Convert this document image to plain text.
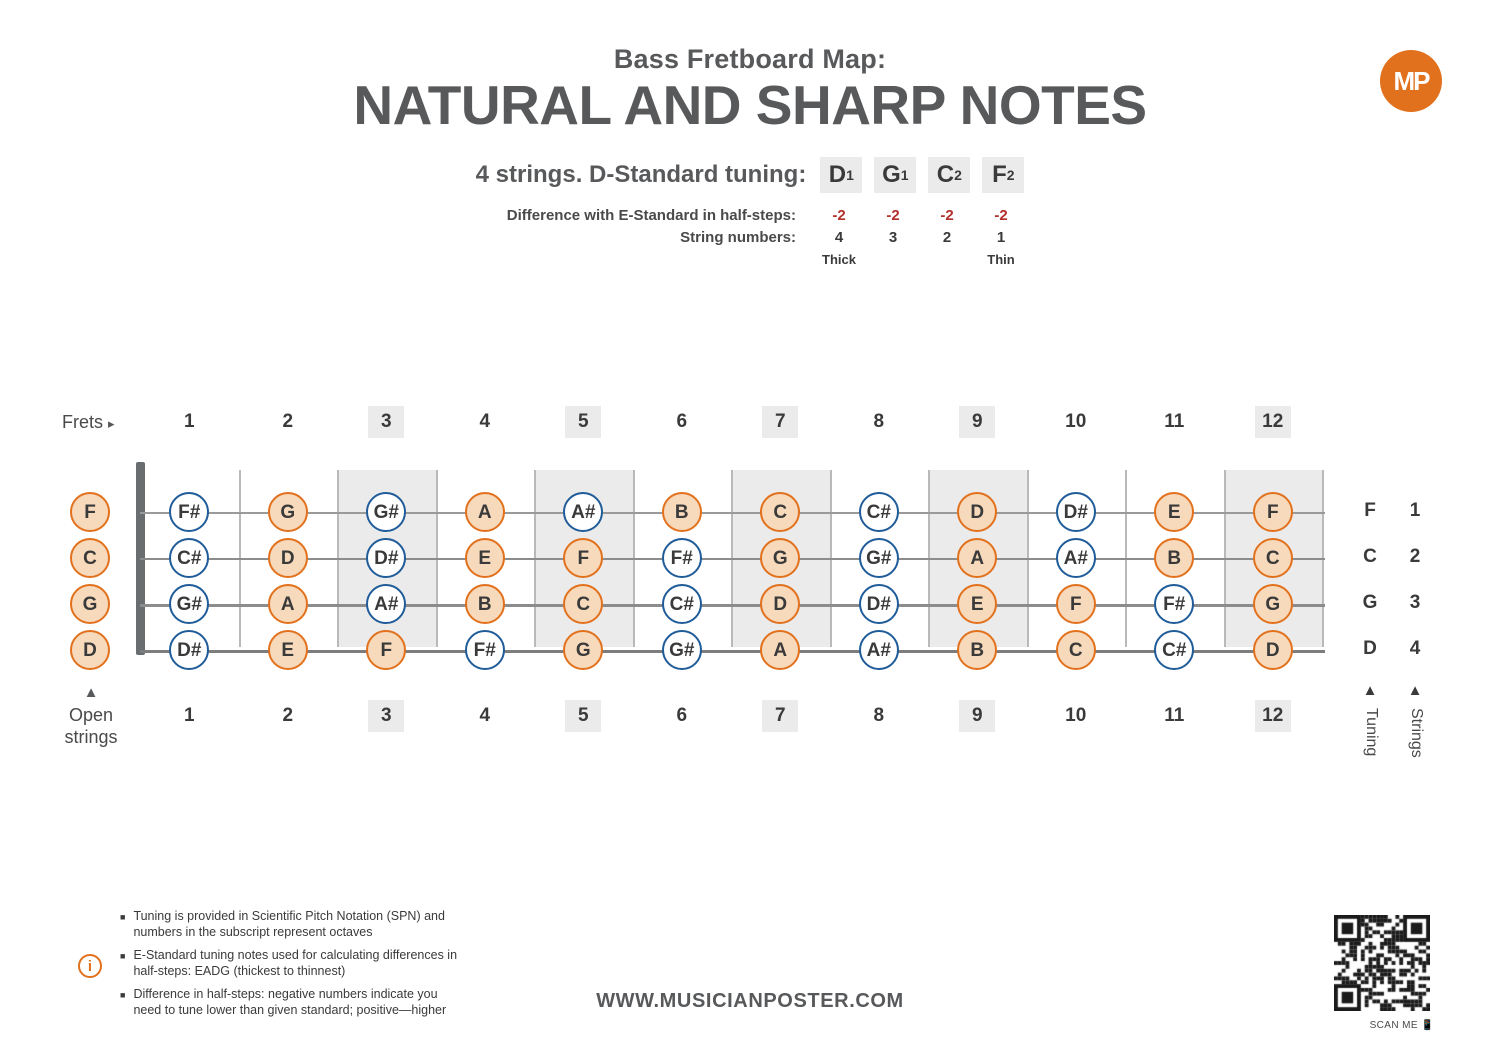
Bass Fretboard Map:
NATURAL AND SHARP NOTES
4 strings. D-Standard tuning: D 1 G 1 C 2 F 2
Difference with E-Standard in half-steps:	-2	-2	-2	-2
String numbers:	4	3	2	1
Thick	Thin
MP
Frets ▸	1	2	3	4	5	6	7	8	9	10	11	12
F	F#	G	G#	A	A#	B	C	C#	D	D#	E	F
C	C#	D	D#	E	F	F#	G	G#	A	A#	B	C
G	G#	A	A#	B	C	C#	D	D#	E	F	F#	G
D	D#	E	F	F#	G	G#	A	A#	B	C	C#	D
1	2	3	4	5	6	7	8	9	10	11	12
▲
Open strings
F	1
C	2
G	3
D	4
▲
Tuning
▲
Strings
i
■ Tuning is provided in Scientific Pitch Notation (SPN) and numbers in the subscript represent octaves
■ E-Standard tuning notes used for calculating differences in half-steps: EADG (thickest to thinnest)
■ Difference in half-steps: negative numbers indicate you need to tune lower than given standard; positive—higher	WWW.MUSICIANPOSTER.COM
SCAN ME 📱
